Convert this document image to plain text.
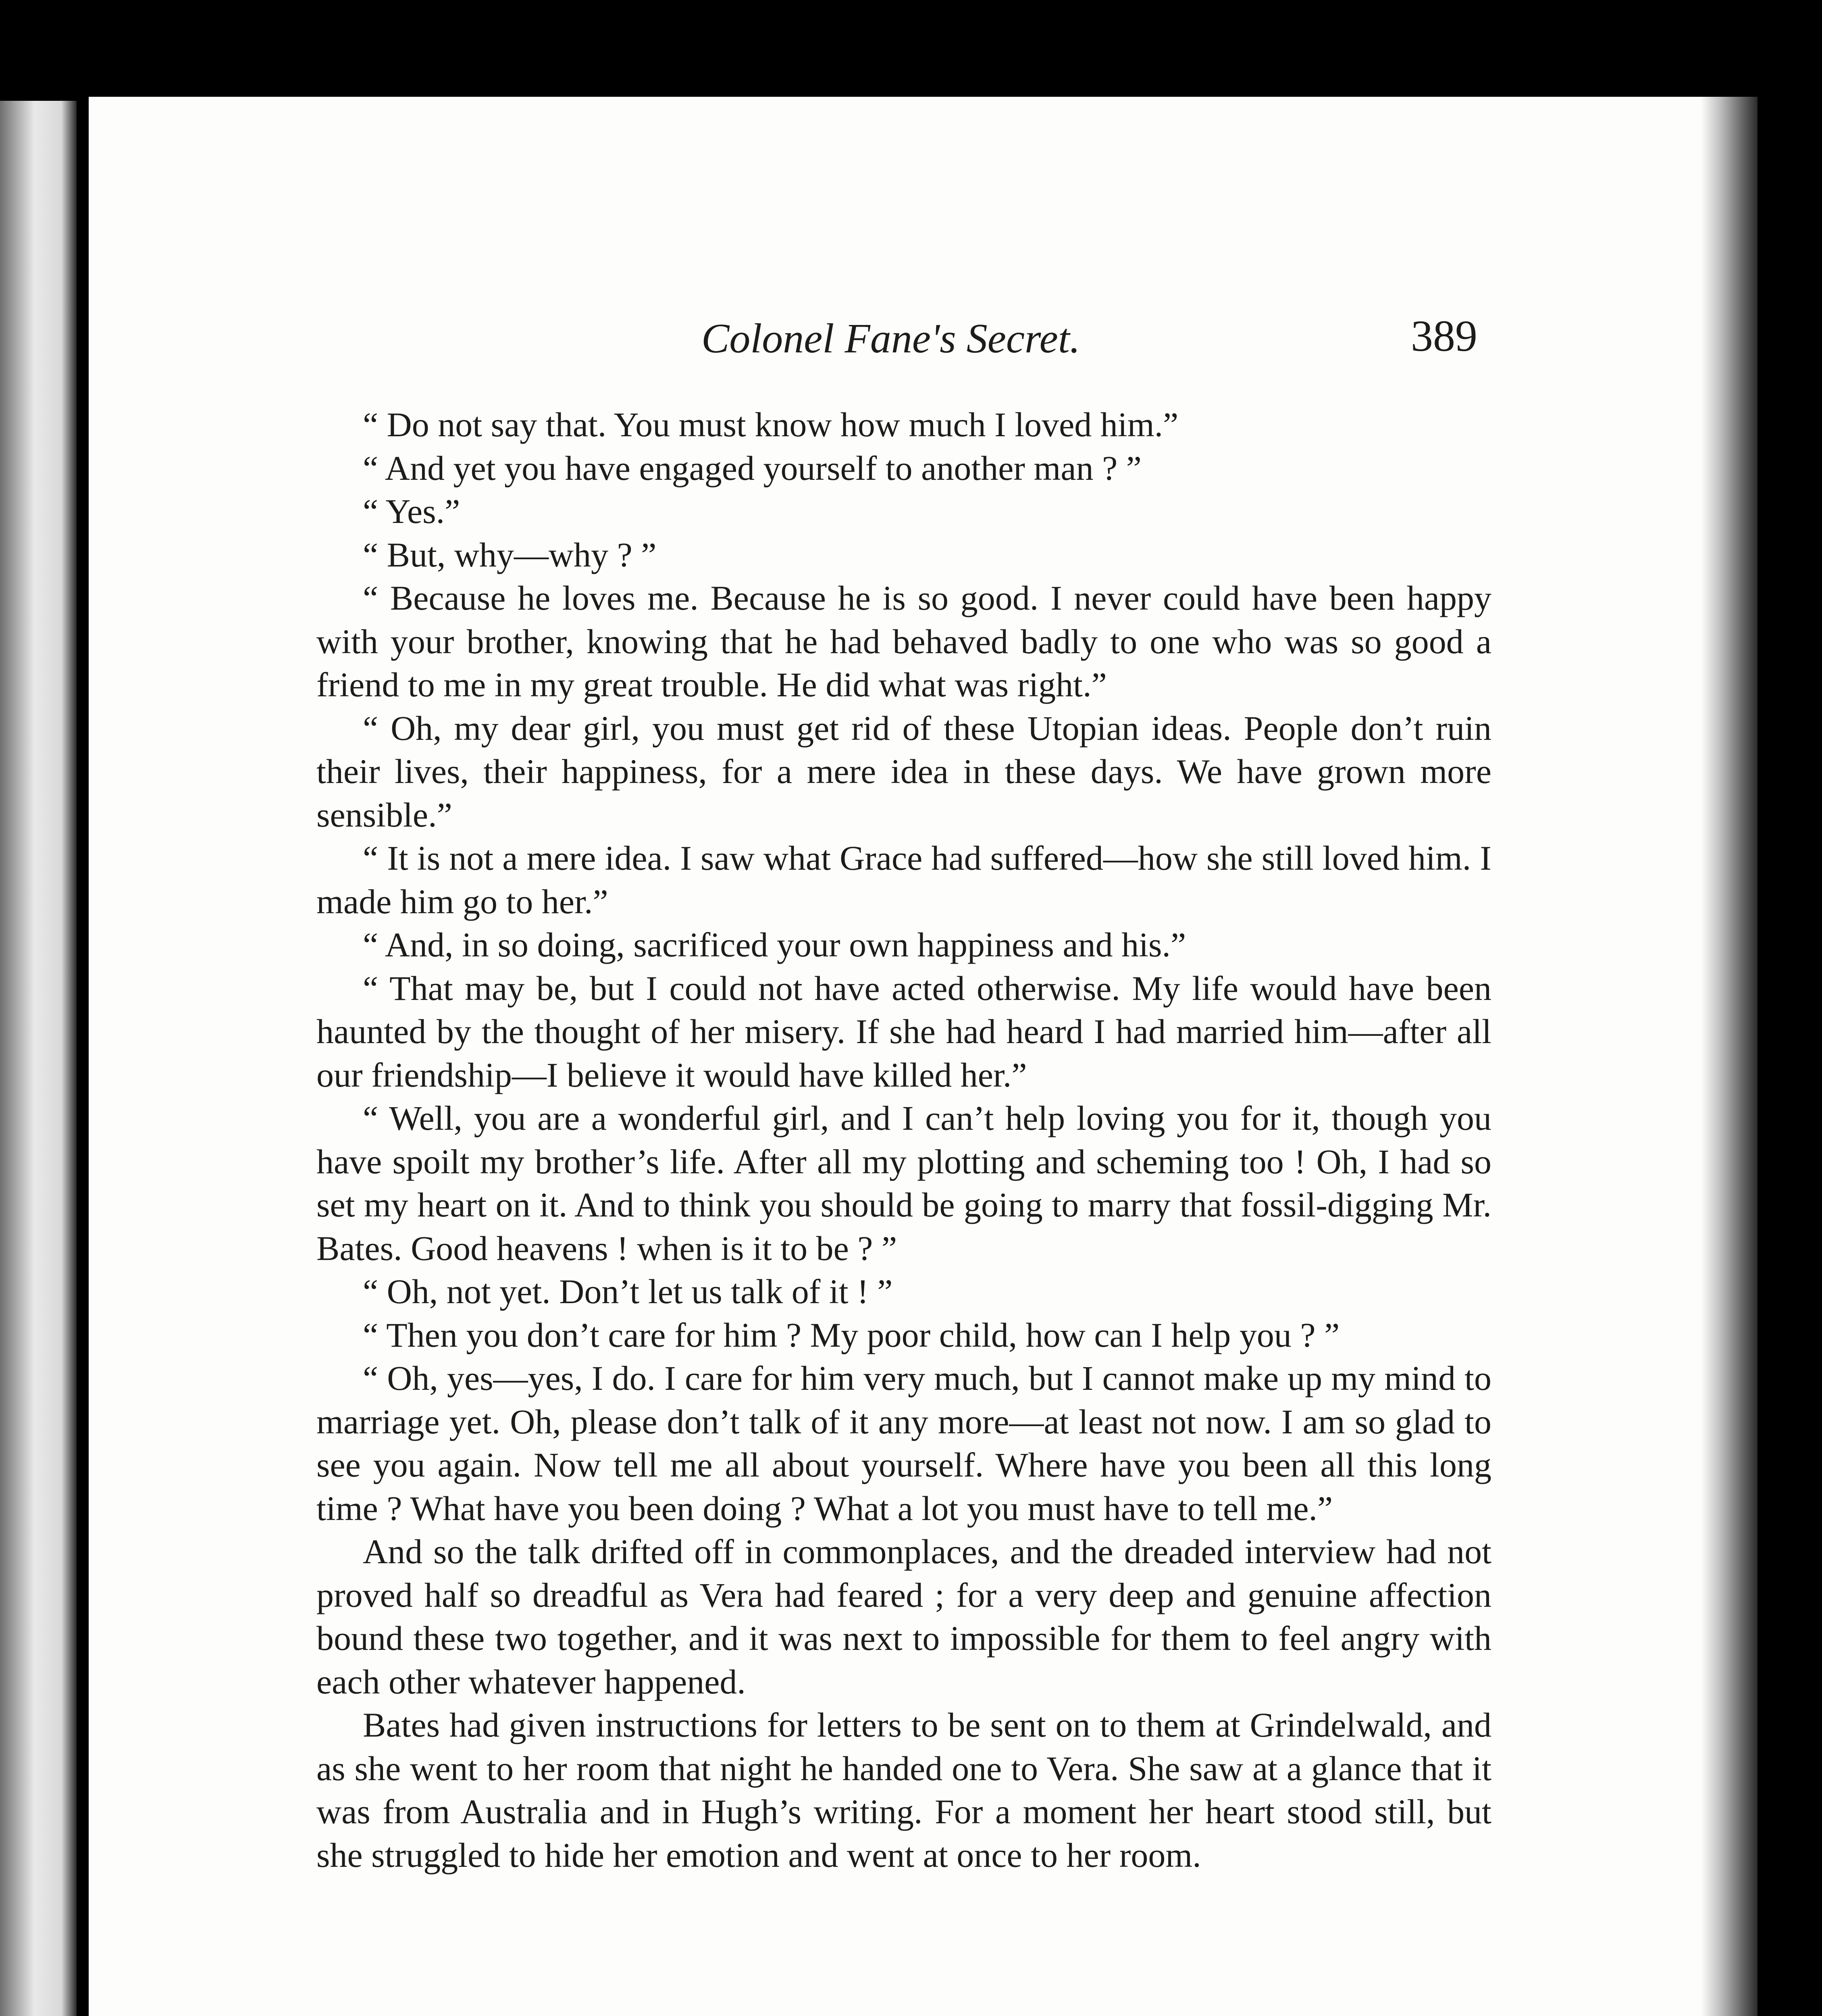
Colonel Fane's Secret.	389

“ Do not say that. You must know how much I loved him.”

“ And yet you have engaged yourself to another man ? ”

“ Yes.”

“ But, why—why ? ”

“ Because he loves me. Because he is so good. I never could have been happy with your brother, knowing that he had behaved badly to one who was so good a friend to me in my great trouble. He did what was right.”

“ Oh, my dear girl, you must get rid of these Utopian ideas. People don’t ruin their lives, their happiness, for a mere idea in these days. We have grown more sensible.”

“ It is not a mere idea. I saw what Grace had suffered—how she still loved him. I made him go to her.”

“ And, in so doing, sacrificed your own happiness and his.”

“ That may be, but I could not have acted otherwise. My life would have been haunted by the thought of her misery. If she had heard I had married him—after all our friendship—I believe it would have killed her.”

“ Well, you are a wonderful girl, and I can’t help loving you for it, though you have spoilt my brother’s life. After all my plotting and scheming too ! Oh, I had so set my heart on it. And to think you should be going to marry that fossil-digging Mr. Bates. Good heavens ! when is it to be ? ”

“ Oh, not yet. Don’t let us talk of it ! ”

“ Then you don’t care for him ? My poor child, how can I help you ? ”

“ Oh, yes—yes, I do. I care for him very much, but I cannot make up my mind to marriage yet. Oh, please don’t talk of it any more—at least not now. I am so glad to see you again. Now tell me all about yourself. Where have you been all this long time ? What have you been doing ? What a lot you must have to tell me.”

And so the talk drifted off in commonplaces, and the dreaded interview had not proved half so dreadful as Vera had feared ; for a very deep and genuine affection bound these two together, and it was next to impossible for them to feel angry with each other whatever happened.

Bates had given instructions for letters to be sent on to them at Grindelwald, and as she went to her room that night he handed one to Vera. She saw at a glance that it was from Australia and in Hugh’s writing. For a moment her heart stood still, but she struggled to hide her emotion and went at once to her room.
